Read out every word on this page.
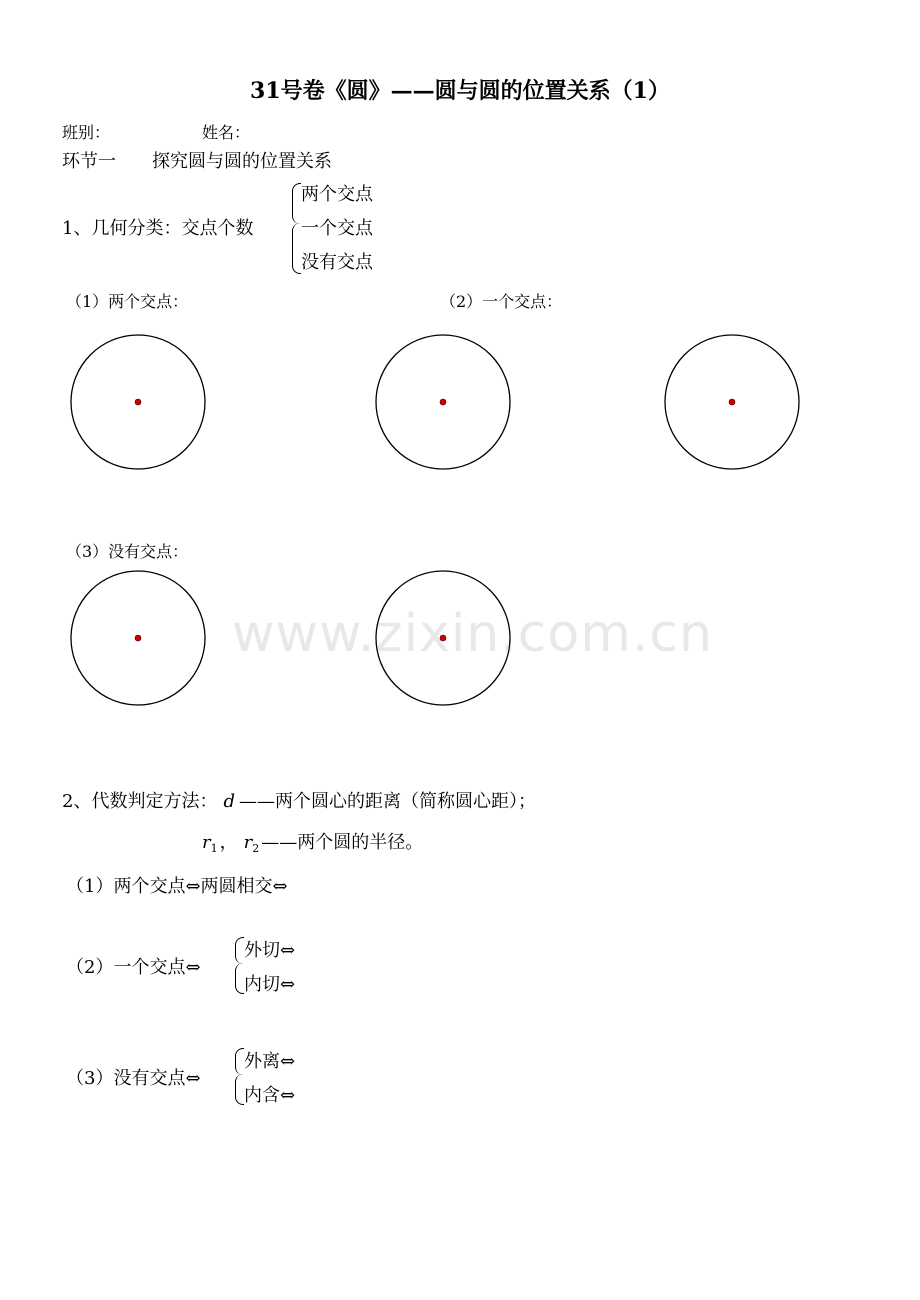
31号卷《圆》——圆与圆的位置关系（1）
班别：	姓名：
环节一　　探究圆与圆的位置关系
1、几何分类：交点个数
两个交点
一个交点
没有交点
（1）两个交点：	（2）一个交点：
（3）没有交点：
www.zixin.com.cn
2、代数判定方法： d ——两个圆心的距离（简称圆心距）；
$r_1$ ， $r_2$ ——两个圆的半径。
（1）两个交点⇔两圆相交⇔
（2）一个交点⇔
外切⇔
内切⇔
（3）没有交点⇔
外离⇔
内含⇔
